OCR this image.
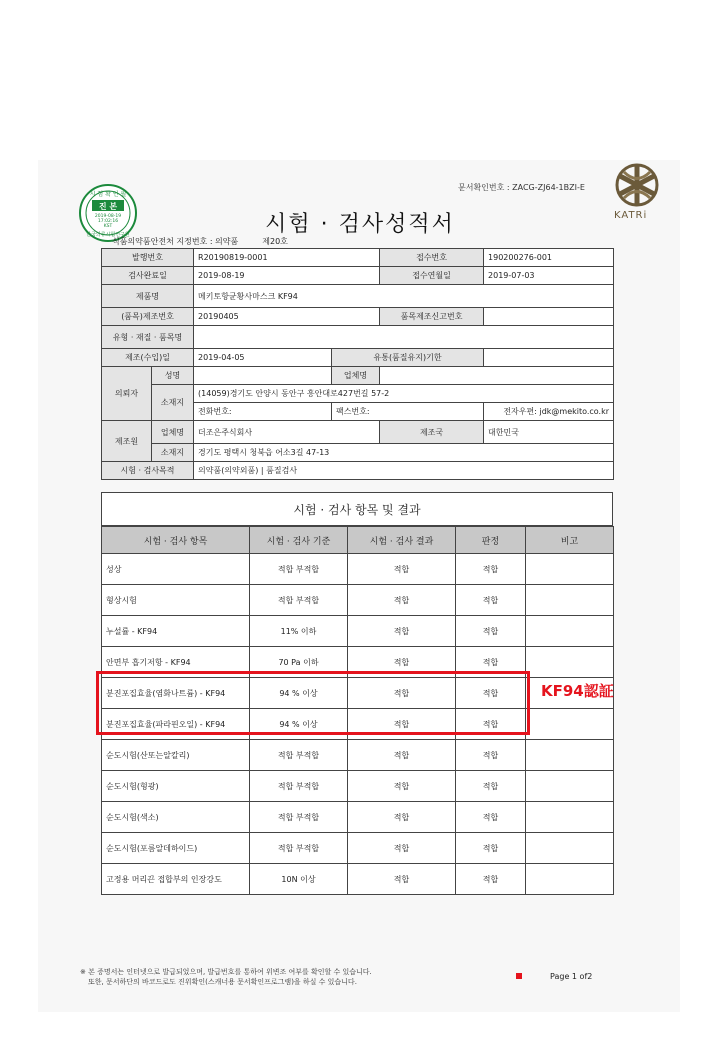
문서확인번호 : ZACG-ZJ64-1BZI-E
KATRi
시 험 확 인 필
진 본
2019-08-19
17:02:16
KST
한국의류시험연구원	시험 · 검사성적서
식품의약품안전처 지정번호 : 의약품	제20호
발행번호		R20190819-0001		접수번호	190200276-001
검사완료일		2019-08-19		접수연월일	2019-07-03
제품명		메키토항균황사마스크 KF94			
(품목)제조번호		20190405		품목제조신고번호	
유형 · 재질 · 품목명					
제조(수입)일		2019-04-05	유통(품질유지)기한		
의뢰자	성명		업체명		
	소재지	(14059)경기도 안양시 동안구 흥안대로427번길 57-2			
		전화번호:	팩스번호:		전자우편: jdk@mekito.co.kr
제조원	업체명	더조은주식회사		제조국	대한민국
	소재지	경기도 평택시 청북읍 어소3길 47-13			
시험 · 검사목적		의약품(의약외품) | 품질검사			
시험 · 검사 항목 및 결과
시험 · 검사 항목	시험 · 검사 기준	시험 · 검사 결과	판정	비고
성상	적합 부적합	적합	적합	
형상시험	적합 부적합	적합	적합	
누설률 - KF94	11% 이하	적합	적합	
안면부 흡기저항 - KF94	70 Pa 이하	적합	적합	
분진포집효율(염화나트륨) - KF94	94 % 이상	적합	적합	
분진포집효율(파라핀오일) - KF94	94 % 이상	적합	적합	
순도시험(산또는알칼리)	적합 부적합	적합	적합	
순도시험(형광)	적합 부적합	적합	적합	
순도시험(색소)	적합 부적합	적합	적합	
순도시험(포름알데하이드)	적합 부적합	적합	적합	
고정용 머리끈 접합부의 인장강도	10N 이상	적합	적합	
KF94認証
※ 본 증명서는 인터넷으로 발급되었으며, 발급번호를 통하여 위변조 여부를 확인할 수 있습니다.
또한, 문서하단의 바코드로도 진위확인(스캐너용 문서확인프로그램)을 하실 수 있습니다.
Page 1 of2
